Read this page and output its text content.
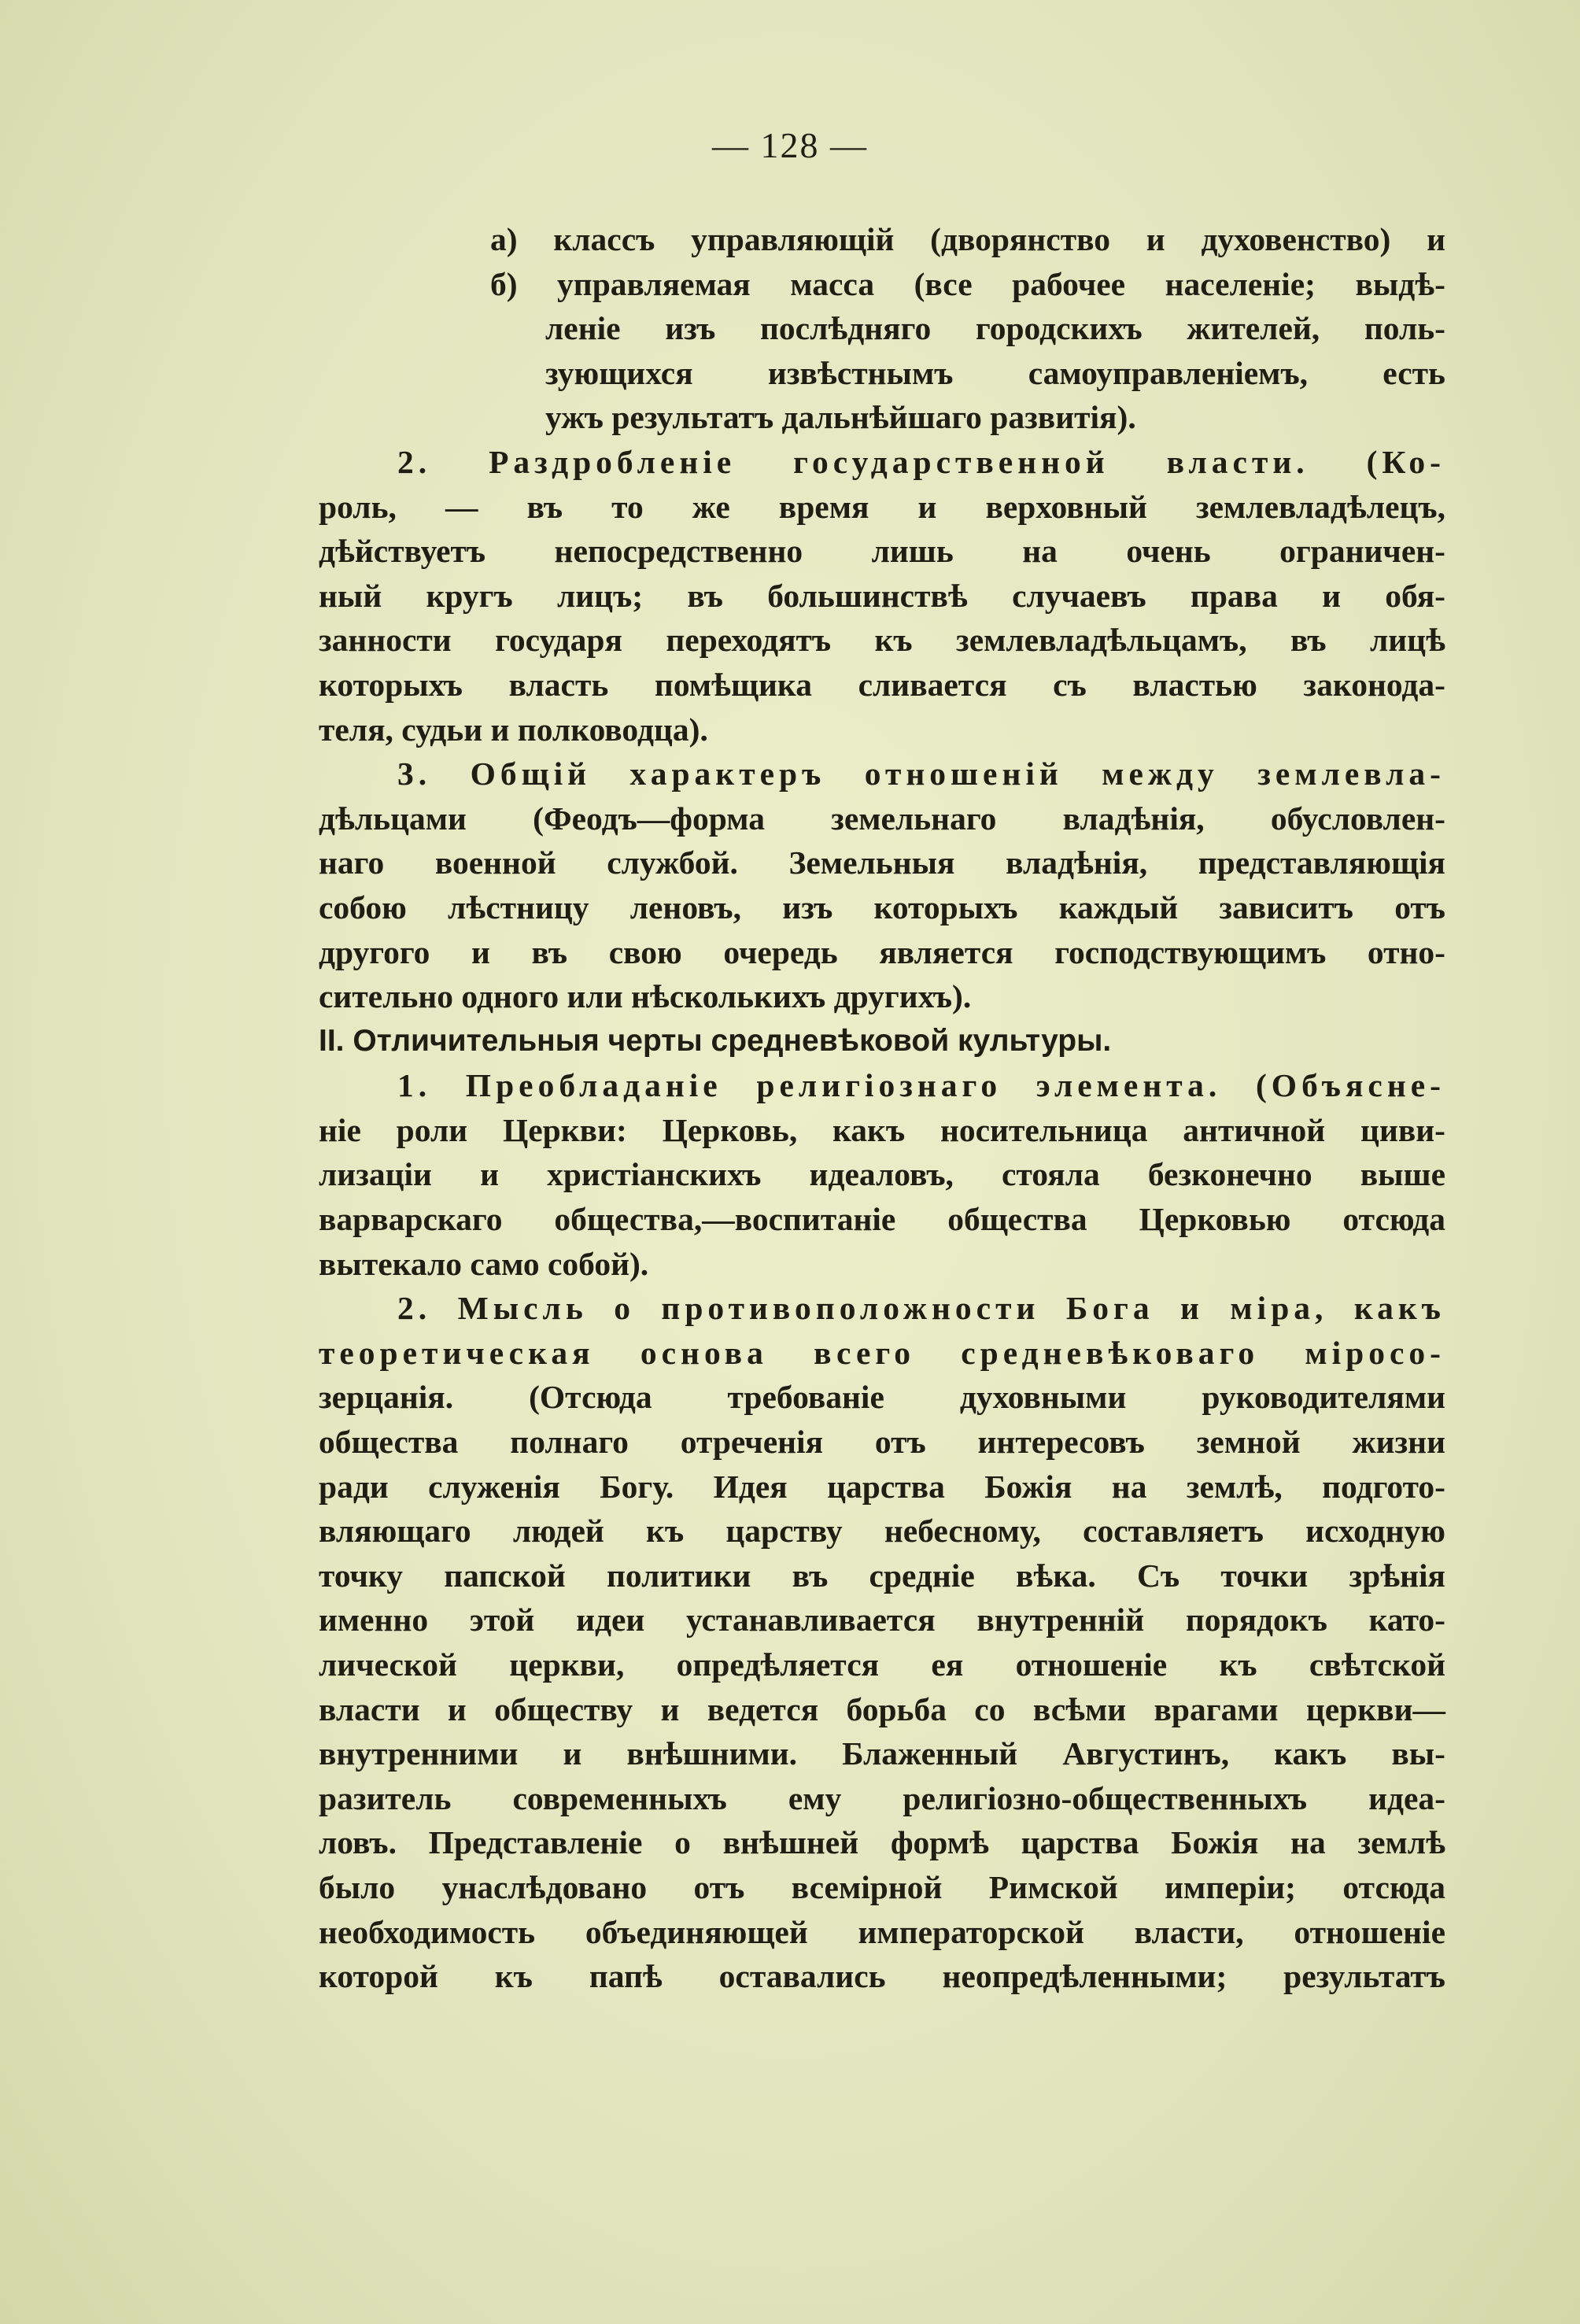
— 128 —
а) классъ управляющій (дворянство и духовенство) и
б) управляемая масса (все рабочее населеніе; выдѣ-
леніе изъ послѣдняго городскихъ жителей, поль-
зующихся извѣстнымъ самоуправленіемъ, есть
ужъ результатъ дальнѣйшаго развитія).
2. Раздробленіе государственной власти. (Ко-
роль, — въ то же время и верховный землевладѣлецъ,
дѣйствуетъ непосредственно лишь на очень ограничен-
ный кругъ лицъ; въ большинствѣ случаевъ права и обя-
занности государя переходятъ къ землевладѣльцамъ, въ лицѣ
которыхъ власть помѣщика сливается съ властью законода-
теля, судьи и полководца).
3. Общій характеръ отношеній между землевла-
дѣльцами (Феодъ—форма земельнаго владѣнія, обусловлен-
наго военной службой. Земельныя владѣнія, представляющія
собою лѣстницу леновъ, изъ которыхъ каждый зависитъ отъ
другого и въ свою очередь является господствующимъ отно-
сительно одного или нѣсколькихъ другихъ).
II. Отличительныя черты средневѣковой культуры.
1. Преобладаніе религіознаго элемента. (Объясне-
ніе роли Церкви: Церковь, какъ носительница античной циви-
лизаціи и христіанскихъ идеаловъ, стояла безконечно выше
варварскаго общества,—воспитаніе общества Церковью отсюда
вытекало само собой).
2. Мысль о противоположности Бога и міра, какъ
теоретическая основа всего средневѣковаго міросо-
зерцанія. (Отсюда требованіе духовными руководителями
общества полнаго отреченія отъ интересовъ земной жизни
ради служенія Богу. Идея царства Божія на землѣ, подгото-
вляющаго людей къ царству небесному, составляетъ исходную
точку папской политики въ средніе вѣка. Съ точки зрѣнія
именно этой идеи устанавливается внутренній порядокъ като-
лической церкви, опредѣляется ея отношеніе къ свѣтской
власти и обществу и ведется борьба со всѣми врагами церкви—
внутренними и внѣшними. Блаженный Августинъ, какъ вы-
разитель современныхъ ему религіозно-общественныхъ идеа-
ловъ. Представленіе о внѣшней формѣ царства Божія на землѣ
было унаслѣдовано отъ всемірной Римской имперіи; отсюда
необходимость объединяющей императорской власти, отношеніе
которой къ папѣ оставались неопредѣленными; результатъ
